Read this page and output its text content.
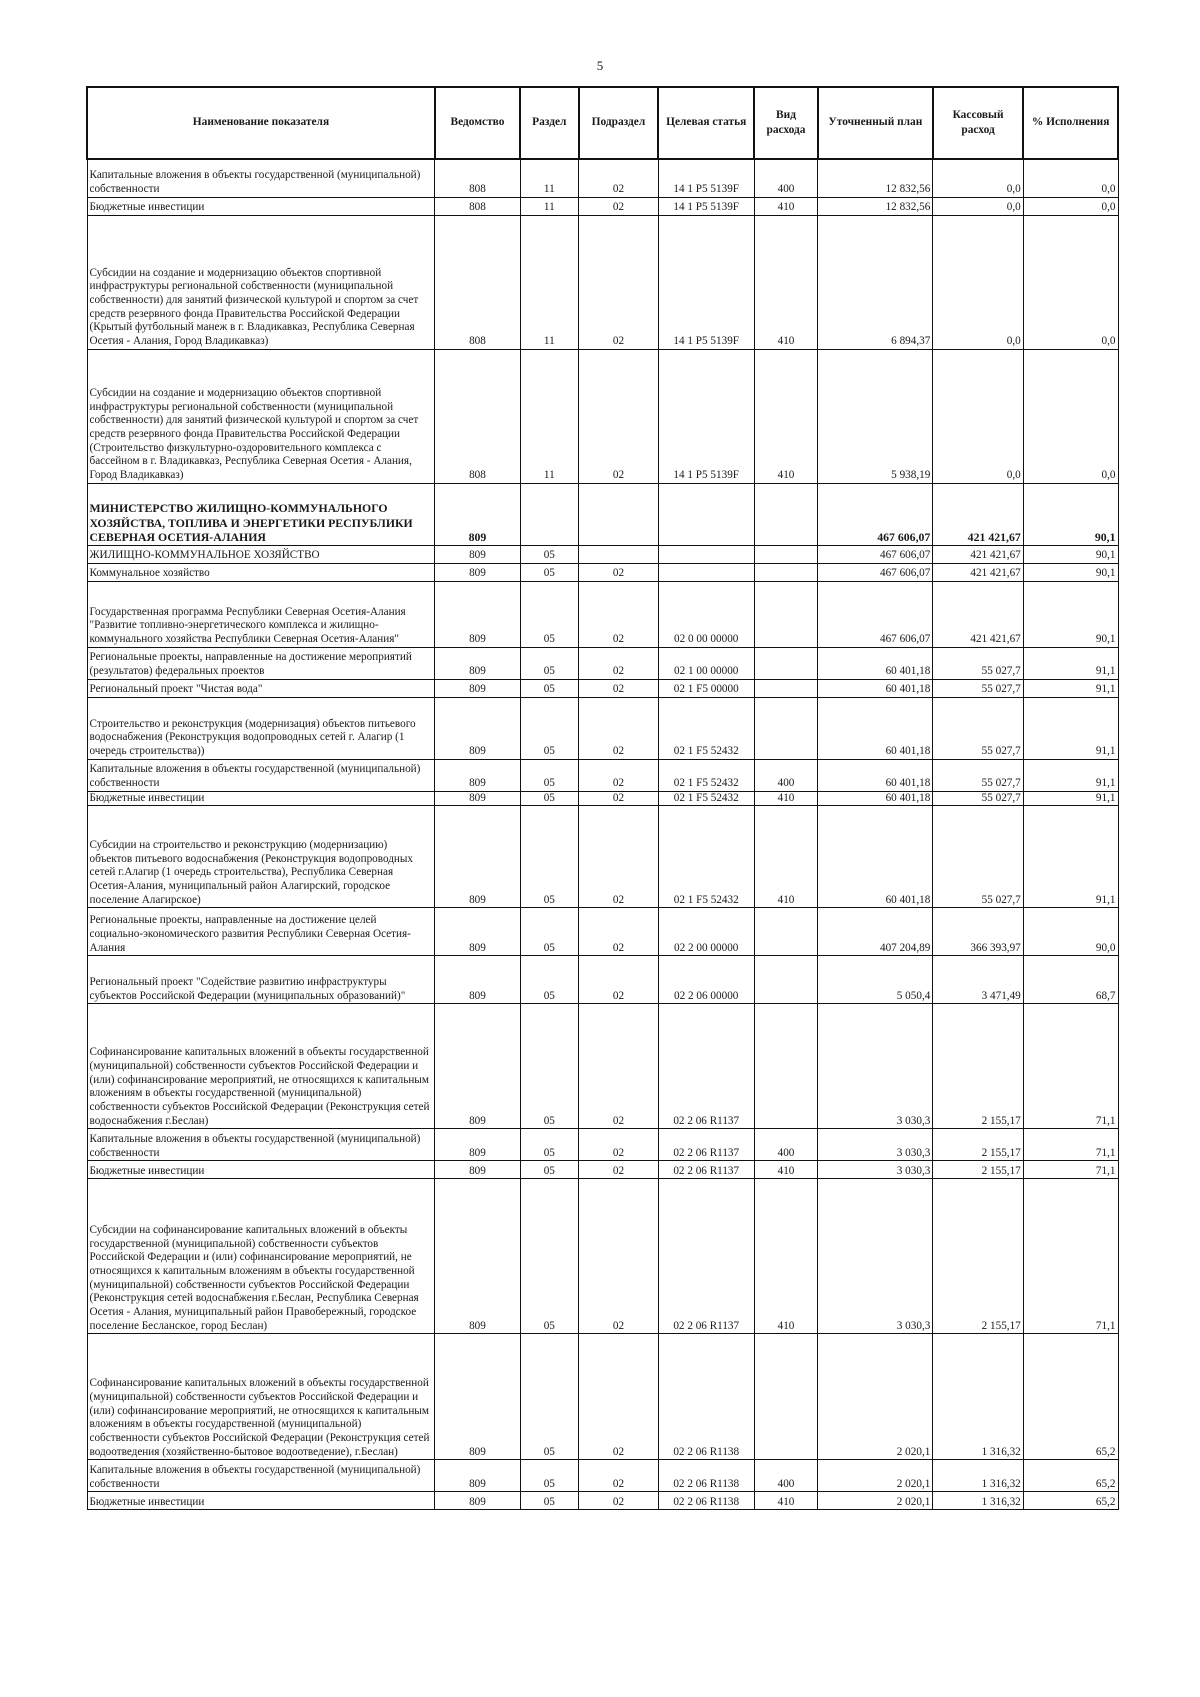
5
Наименование показателя	Ведомство	Раздел	Подраздел	Целевая статья	Вид расхода	Уточненный план	Кассовый расход	% Исполнения
Капитальные вложения в объекты государственной (муниципальной) собственности	808	11	02	14 1 P5 5139F	400	12 832,56	0,0	0,0
Бюджетные инвестиции	808	11	02	14 1 P5 5139F	410	12 832,56	0,0	0,0
Субсидии на создание и модернизацию объектов спортивной инфраструктуры региональной собственности (муниципальной собственности) для занятий физической культурой и спортом за счет средств резервного фонда Правительства Российской Федерации (Крытый футбольный манеж в г. Владикавказ, Республика Северная Осетия - Алания, Город Владикавказ)	808	11	02	14 1 P5 5139F	410	6 894,37	0,0	0,0
Субсидии на создание и модернизацию объектов спортивной инфраструктуры региональной собственности (муниципальной собственности) для занятий физической культурой и спортом за счет средств резервного фонда Правительства Российской Федерации (Строительство физкультурно-оздоровительного комплекса с бассейном в г. Владикавказ, Республика Северная Осетия - Алания, Город Владикавказ)	808	11	02	14 1 P5 5139F	410	5 938,19	0,0	0,0
МИНИСТЕРСТВО ЖИЛИЩНО-КОММУНАЛЬНОГО ХОЗЯЙСТВА, ТОПЛИВА И ЭНЕРГЕТИКИ РЕСПУБЛИКИ СЕВЕРНАЯ ОСЕТИЯ-АЛАНИЯ	809					467 606,07	421 421,67	90,1
ЖИЛИЩНО-КОММУНАЛЬНОЕ ХОЗЯЙСТВО	809	05				467 606,07	421 421,67	90,1
Коммунальное хозяйство	809	05	02			467 606,07	421 421,67	90,1
Государственная программа Республики Северная Осетия-Алания "Развитие топливно-энергетического комплекса и жилищно-коммунального хозяйства Республики Северная Осетия-Алания"	809	05	02	02 0 00 00000		467 606,07	421 421,67	90,1
Региональные проекты, направленные на достижение мероприятий (результатов) федеральных проектов	809	05	02	02 1 00 00000		60 401,18	55 027,7	91,1
Региональный проект "Чистая вода"	809	05	02	02 1 F5 00000		60 401,18	55 027,7	91,1
Строительство и реконструкция (модернизация) объектов питьевого водоснабжения (Реконструкция водопроводных сетей г. Алагир (1 очередь строительства))	809	05	02	02 1 F5 52432		60 401,18	55 027,7	91,1
Капитальные вложения в объекты государственной (муниципальной) собственности	809	05	02	02 1 F5 52432	400	60 401,18	55 027,7	91,1
Бюджетные инвестиции	809	05	02	02 1 F5 52432	410	60 401,18	55 027,7	91,1
Субсидии на строительство и реконструкцию (модернизацию) объектов питьевого водоснабжения (Реконструкция водопроводных сетей г.Алагир (1 очередь строительства), Республика Северная Осетия-Алания, муниципальный район Алагирский, городское поселение Алагирское)	809	05	02	02 1 F5 52432	410	60 401,18	55 027,7	91,1
Региональные проекты, направленные на достижение целей социально-экономического развития Республики Северная Осетия-Алания	809	05	02	02 2 00 00000		407 204,89	366 393,97	90,0
Региональный проект "Содействие развитию инфраструктуры субъектов Российской Федерации (муниципальных образований)"	809	05	02	02 2 06 00000		5 050,4	3 471,49	68,7
Софинансирование капитальных вложений в объекты государственной (муниципальной) собственности субъектов Российской Федерации и (или) софинансирование мероприятий, не относящихся к капитальным вложениям в объекты государственной (муниципальной) собственности субъектов Российской Федерации (Реконструкция сетей водоснабжения г.Беслан)	809	05	02	02 2 06 R1137		3 030,3	2 155,17	71,1
Капитальные вложения в объекты государственной (муниципальной) собственности	809	05	02	02 2 06 R1137	400	3 030,3	2 155,17	71,1
Бюджетные инвестиции	809	05	02	02 2 06 R1137	410	3 030,3	2 155,17	71,1
Субсидии на софинансирование капитальных вложений в объекты государственной (муниципальной) собственности субъектов Российской Федерации и (или) софинансирование мероприятий, не относящихся к капитальным вложениям в объекты государственной (муниципальной) собственности субъектов Российской Федерации (Реконструкция сетей водоснабжения г.Беслан, Республика Северная Осетия - Алания, муниципальный район Правобережный, городское поселение Бесланское, город Беслан)	809	05	02	02 2 06 R1137	410	3 030,3	2 155,17	71,1
Софинансирование капитальных вложений в объекты государственной (муниципальной) собственности субъектов Российской Федерации и (или) софинансирование мероприятий, не относящихся к капитальным вложениям в объекты государственной (муниципальной) собственности субъектов Российской Федерации (Реконструкция сетей водоотведения (хозяйственно-бытовое водоотведение), г.Беслан)	809	05	02	02 2 06 R1138		2 020,1	1 316,32	65,2
Капитальные вложения в объекты государственной (муниципальной) собственности	809	05	02	02 2 06 R1138	400	2 020,1	1 316,32	65,2
Бюджетные инвестиции	809	05	02	02 2 06 R1138	410	2 020,1	1 316,32	65,2
